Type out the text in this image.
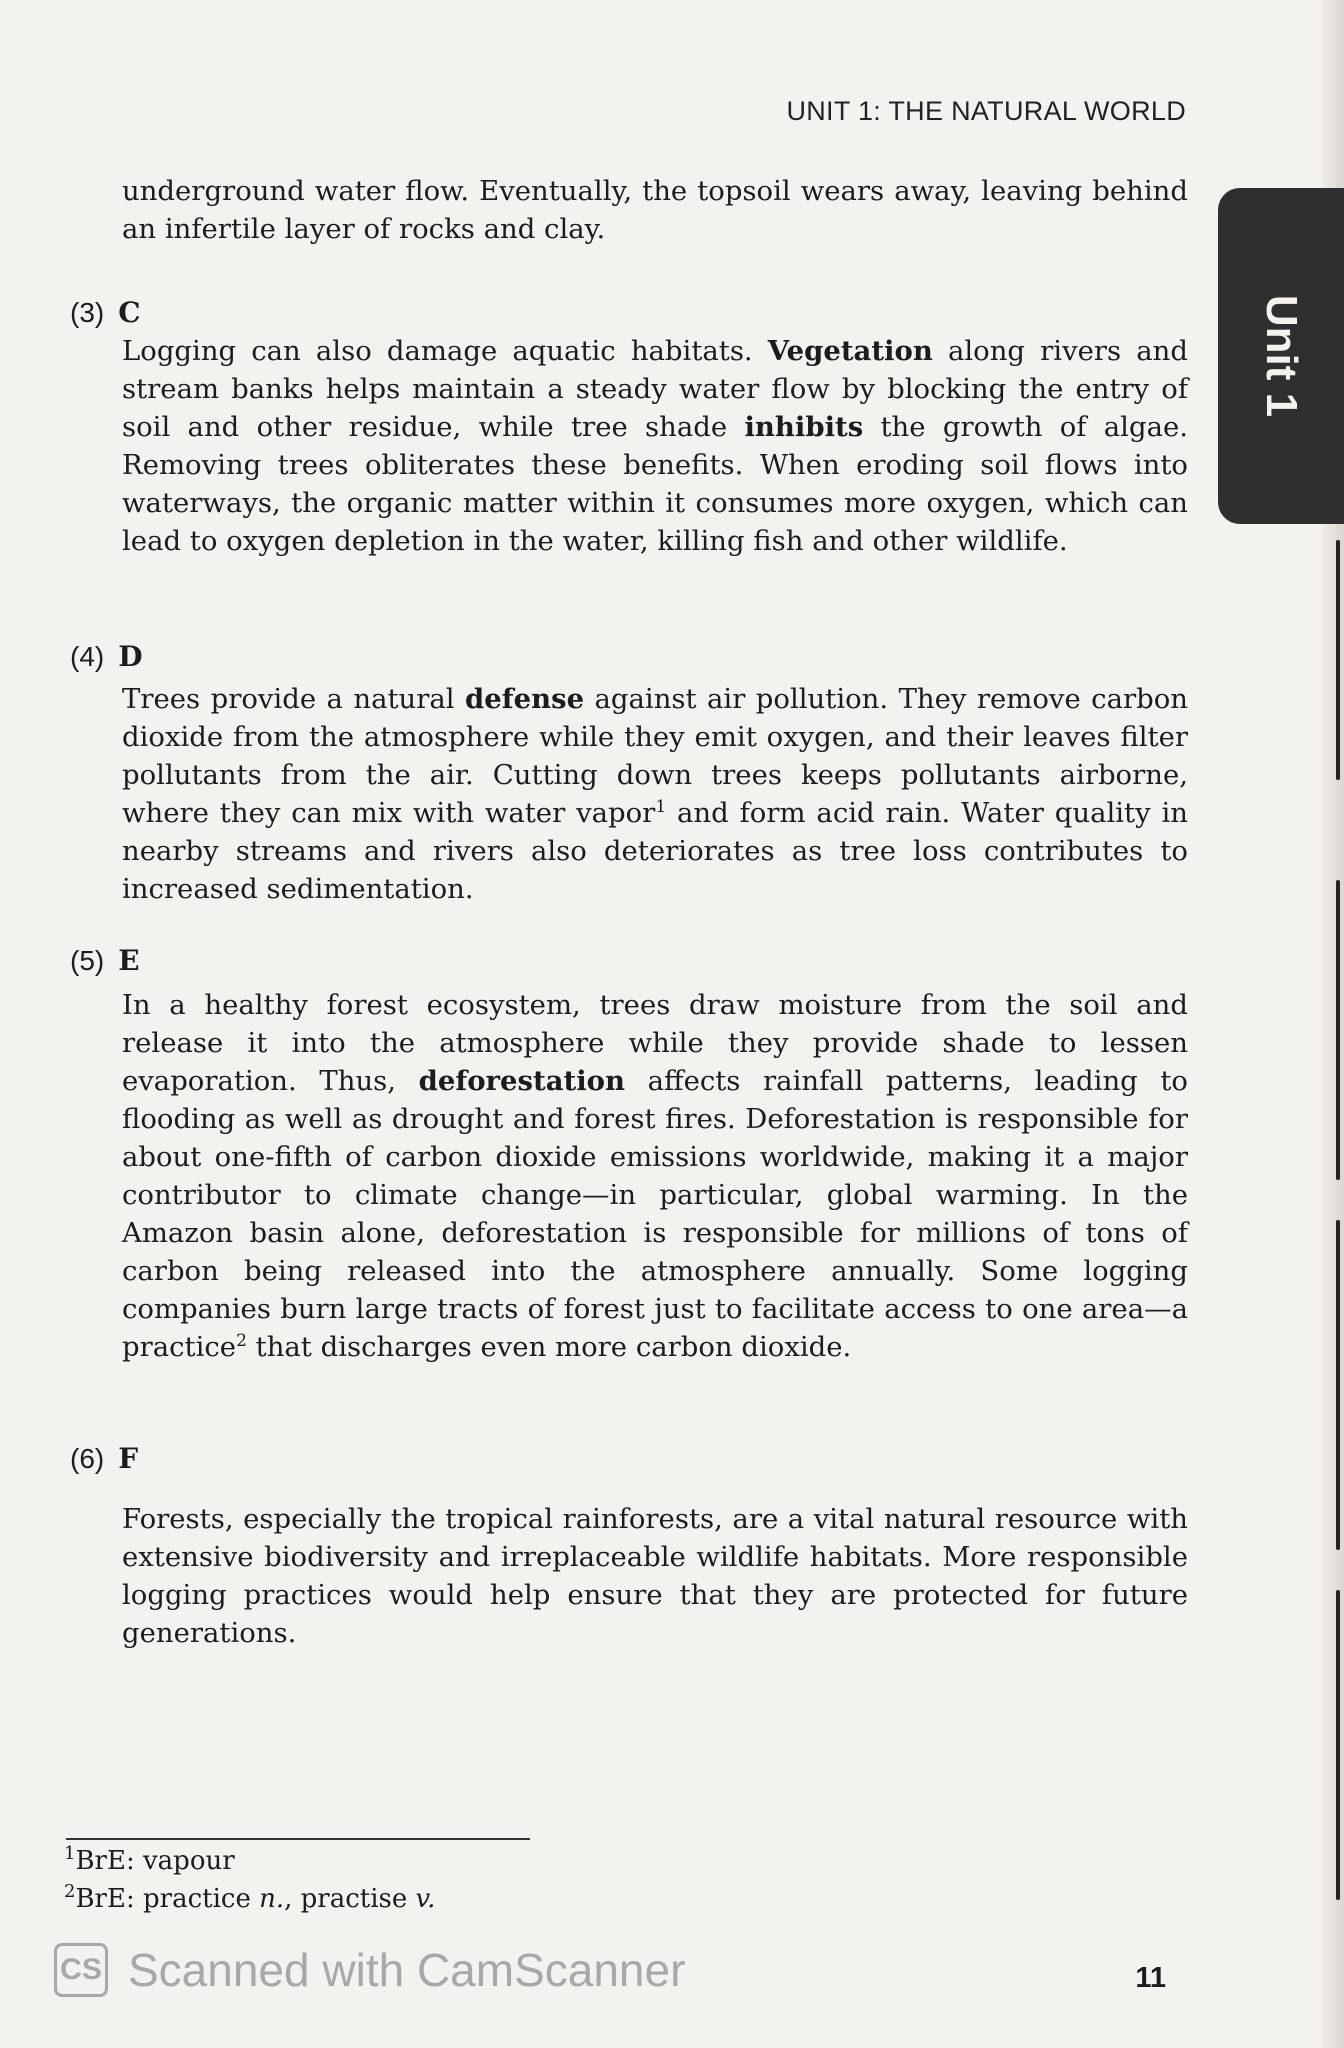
UNIT 1: THE NATURAL WORLD
Unit 1
underground water flow. Eventually, the topsoil wears away, leaving behind an infertile layer of rocks and clay.
(3) C
Logging can also damage aquatic habitats. Vegetation along rivers and stream banks helps maintain a steady water flow by blocking the entry of soil and other residue, while tree shade inhibits the growth of algae. Removing trees obliterates these benefits. When eroding soil flows into waterways, the organic matter within it consumes more oxygen, which can lead to oxygen depletion in the water, killing fish and other wildlife.
(4) D
Trees provide a natural defense against air pollution. They remove carbon dioxide from the atmosphere while they emit oxygen, and their leaves filter pollutants from the air. Cutting down trees keeps pollutants airborne, where they can mix with water vapor$^1$ and form acid rain. Water quality in nearby streams and rivers also deteriorates as tree loss contributes to increased sedimentation.
(5) E
In a healthy forest ecosystem, trees draw moisture from the soil and release it into the atmosphere while they provide shade to lessen evaporation. Thus, deforestation affects rainfall patterns, leading to flooding as well as drought and forest fires. Deforestation is responsible for about one-fifth of carbon dioxide emissions worldwide, making it a major contributor to climate change—in particular, global warming. In the Amazon basin alone, deforestation is responsible for millions of tons of carbon being released into the atmosphere annually. Some logging companies burn large tracts of forest just to facilitate access to one area—a practice$^2$ that discharges even more carbon dioxide.
(6) F
Forests, especially the tropical rainforests, are a vital natural resource with extensive biodiversity and irreplaceable wildlife habitats. More responsible logging practices would help ensure that they are protected for future generations.
$^1$BrE: vapour
$^2$BrE: practice n., practise v.
CS Scanned with CamScanner	11
